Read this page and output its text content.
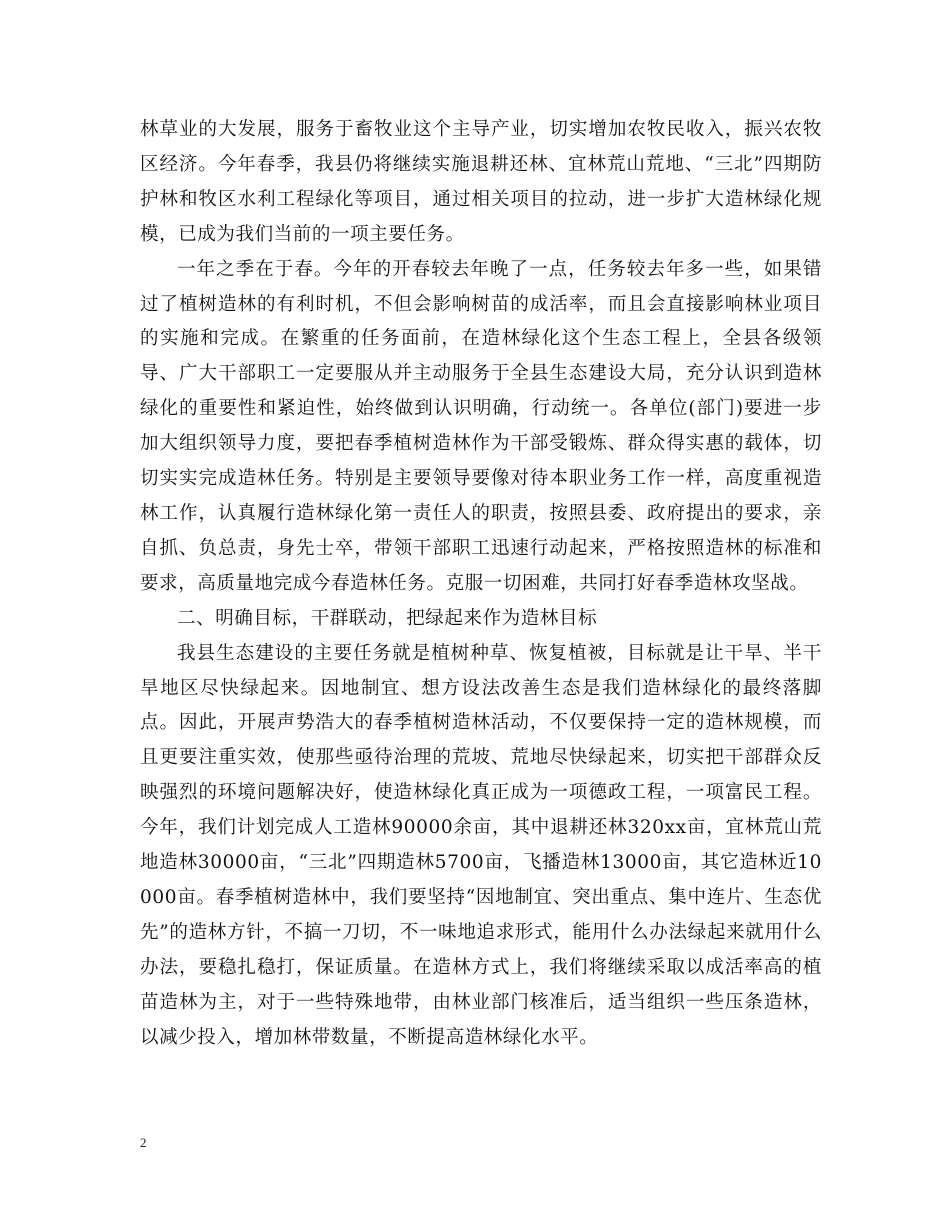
林草业的大发展，服务于畜牧业这个主导产业，切实增加农牧民收入，振兴农牧区经济。今年春季，我县仍将继续实施退耕还林、宜林荒山荒地、“三北”四期防护林和牧区水利工程绿化等项目，通过相关项目的拉动，进一步扩大造林绿化规模，已成为我们当前的一项主要任务。

一年之季在于春。今年的开春较去年晚了一点，任务较去年多一些，如果错过了植树造林的有利时机，不但会影响树苗的成活率，而且会直接影响林业项目的实施和完成。在繁重的任务面前，在造林绿化这个生态工程上，全县各级领导、广大干部职工一定要服从并主动服务于全县生态建设大局，充分认识到造林绿化的重要性和紧迫性，始终做到认识明确，行动统一。各单位(部门)要进一步加大组织领导力度，要把春季植树造林作为干部受锻炼、群众得实惠的载体，切切实实完成造林任务。特别是主要领导要像对待本职业务工作一样，高度重视造林工作，认真履行造林绿化第一责任人的职责，按照县委、政府提出的要求，亲自抓、负总责，身先士卒，带领干部职工迅速行动起来，严格按照造林的标准和要求，高质量地完成今春造林任务。克服一切困难，共同打好春季造林攻坚战。

二、明确目标，干群联动，把绿起来作为造林目标

我县生态建设的主要任务就是植树种草、恢复植被，目标就是让干旱、半干旱地区尽快绿起来。因地制宜、想方设法改善生态是我们造林绿化的最终落脚点。因此，开展声势浩大的春季植树造林活动，不仅要保持一定的造林规模，而且更要注重实效，使那些亟待治理的荒坡、荒地尽快绿起来，切实把干部群众反映强烈的环境问题解决好，使造林绿化真正成为一项德政工程，一项富民工程。今年，我们计划完成人工造林90000余亩，其中退耕还林320xx亩，宜林荒山荒地造林30000亩，“三北”四期造林5700亩，飞播造林13000亩，其它造林近10000亩。春季植树造林中，我们要坚持“因地制宜、突出重点、集中连片、生态优先”的造林方针，不搞一刀切，不一味地追求形式，能用什么办法绿起来就用什么办法，要稳扎稳打，保证质量。在造林方式上，我们将继续采取以成活率高的植苗造林为主，对于一些特殊地带，由林业部门核准后，适当组织一些压条造林，以减少投入，增加林带数量，不断提高造林绿化水平。

2
